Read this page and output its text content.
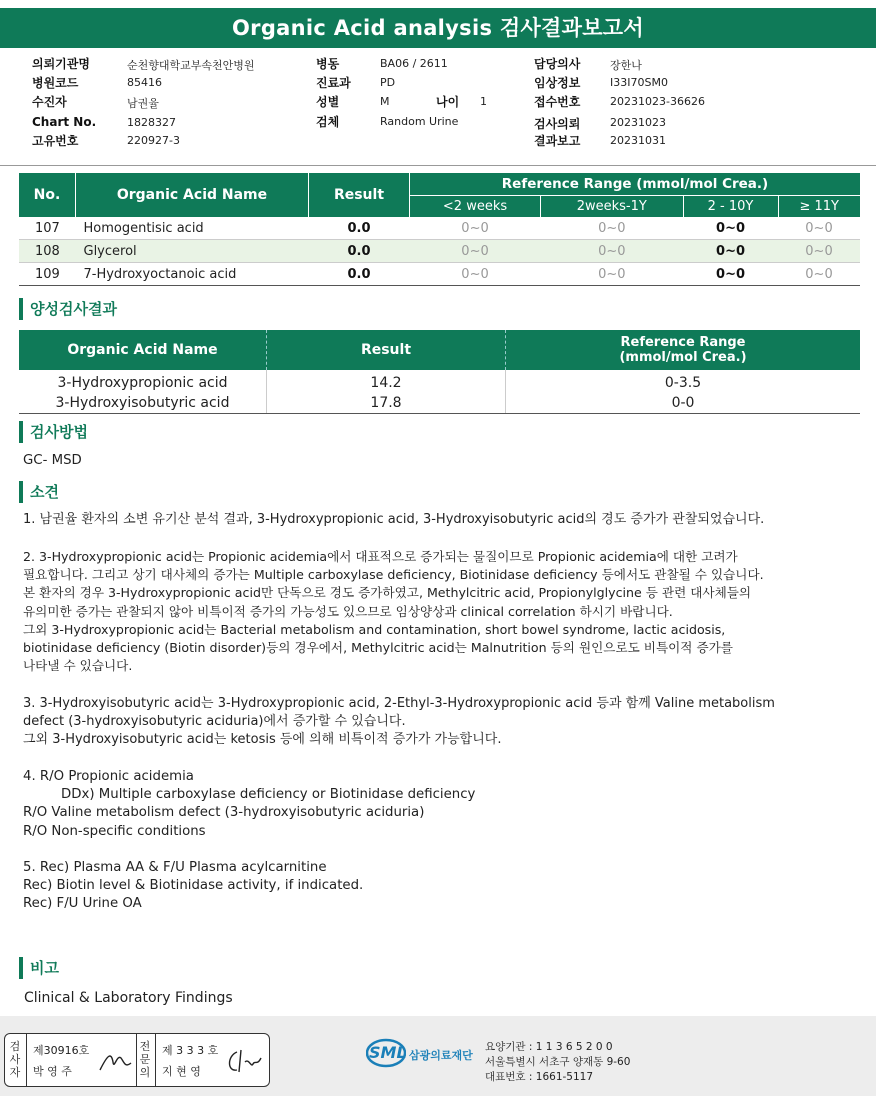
Organic Acid analysis 검사결과보고서
의뢰기관명	순천향대학교부속천안병원
병원코드	85416
수진자	남권율
Chart No.	1828327
고유번호	220927-3
병동	BA06 / 2611
진료과	PD
성별	M	나이 1
검체	Random Urine
담당의사	장한나
임상정보	I33I70SM0
접수번호	20231023-36626
검사의뢰	20231023
결과보고	20231031
No.	Organic Acid Name	Result	Reference Range (mmol/mol Crea.)			
			<2 weeks	2weeks-1Y	2 - 10Y	≥ 11Y
107	Homogentisic acid	0.0	0~0	0~0	0~0	0~0
108	Glycerol	0.0	0~0	0~0	0~0	0~0
109	7-Hydroxyoctanoic acid	0.0	0~0	0~0	0~0	0~0
양성검사결과
Organic Acid Name	Result	Reference Range
(mmol/mol Crea.)
3-Hydroxypropionic acid	14.2	0-3.5
3-Hydroxyisobutyric acid	17.8	0-0
검사방법
GC- MSD
소견
1. 남권율 환자의 소변 유기산 분석 결과, 3-Hydroxypropionic acid, 3-Hydroxyisobutyric acid의 경도 증가가 관찰되었습니다.
2. 3-Hydroxypropionic acid는 Propionic acidemia에서 대표적으로 증가되는 물질이므로 Propionic acidemia에 대한 고려가
필요합니다. 그리고 상기 대사체의 증가는 Multiple carboxylase deficiency, Biotinidase deficiency 등에서도 관찰될 수 있습니다.
본 환자의 경우 3-Hydroxypropionic acid만 단독으로 경도 증가하였고, Methylcitric acid, Propionylglycine 등 관련 대사체들의
유의미한 증가는 관찰되지 않아 비특이적 증가의 가능성도 있으므로 임상양상과 clinical correlation 하시기 바랍니다.
그외 3-Hydroxypropionic acid는 Bacterial metabolism and contamination, short bowel syndrome, lactic acidosis,
biotinidase deficiency (Biotin disorder)등의 경우에서, Methylcitric acid는 Malnutrition 등의 원인으로도 비특이적 증가를
나타낼 수 있습니다.
3. 3-Hydroxyisobutyric acid는 3-Hydroxypropionic acid, 2-Ethyl-3-Hydroxypropionic acid 등과 함께 Valine metabolism
defect (3-hydroxyisobutyric aciduria)에서 증가할 수 있습니다.
그외 3-Hydroxyisobutyric acid는 ketosis 등에 의해 비특이적 증가가 가능합니다.
4. R/O Propionic acidemia
DDx) Multiple carboxylase deficiency or Biotinidase deficiency
R/O Valine metabolism defect (3-hydroxyisobutyric aciduria)
R/O Non-specific conditions
5. Rec) Plasma AA & F/U Plasma acylcarnitine
Rec) Biotin level & Biotinidase activity, if indicated.
Rec) F/U Urine OA
비고
Clinical & Laboratory Findings
검사자
제30916호
박 영 주
전문의
제 3 3 3 호
지 현 영
SML 삼광의료재단
요양기관 : 1 1 3 6 5 2 0 0
서울특별시 서초구 양재동 9-60
대표번호 : 1661-5117
